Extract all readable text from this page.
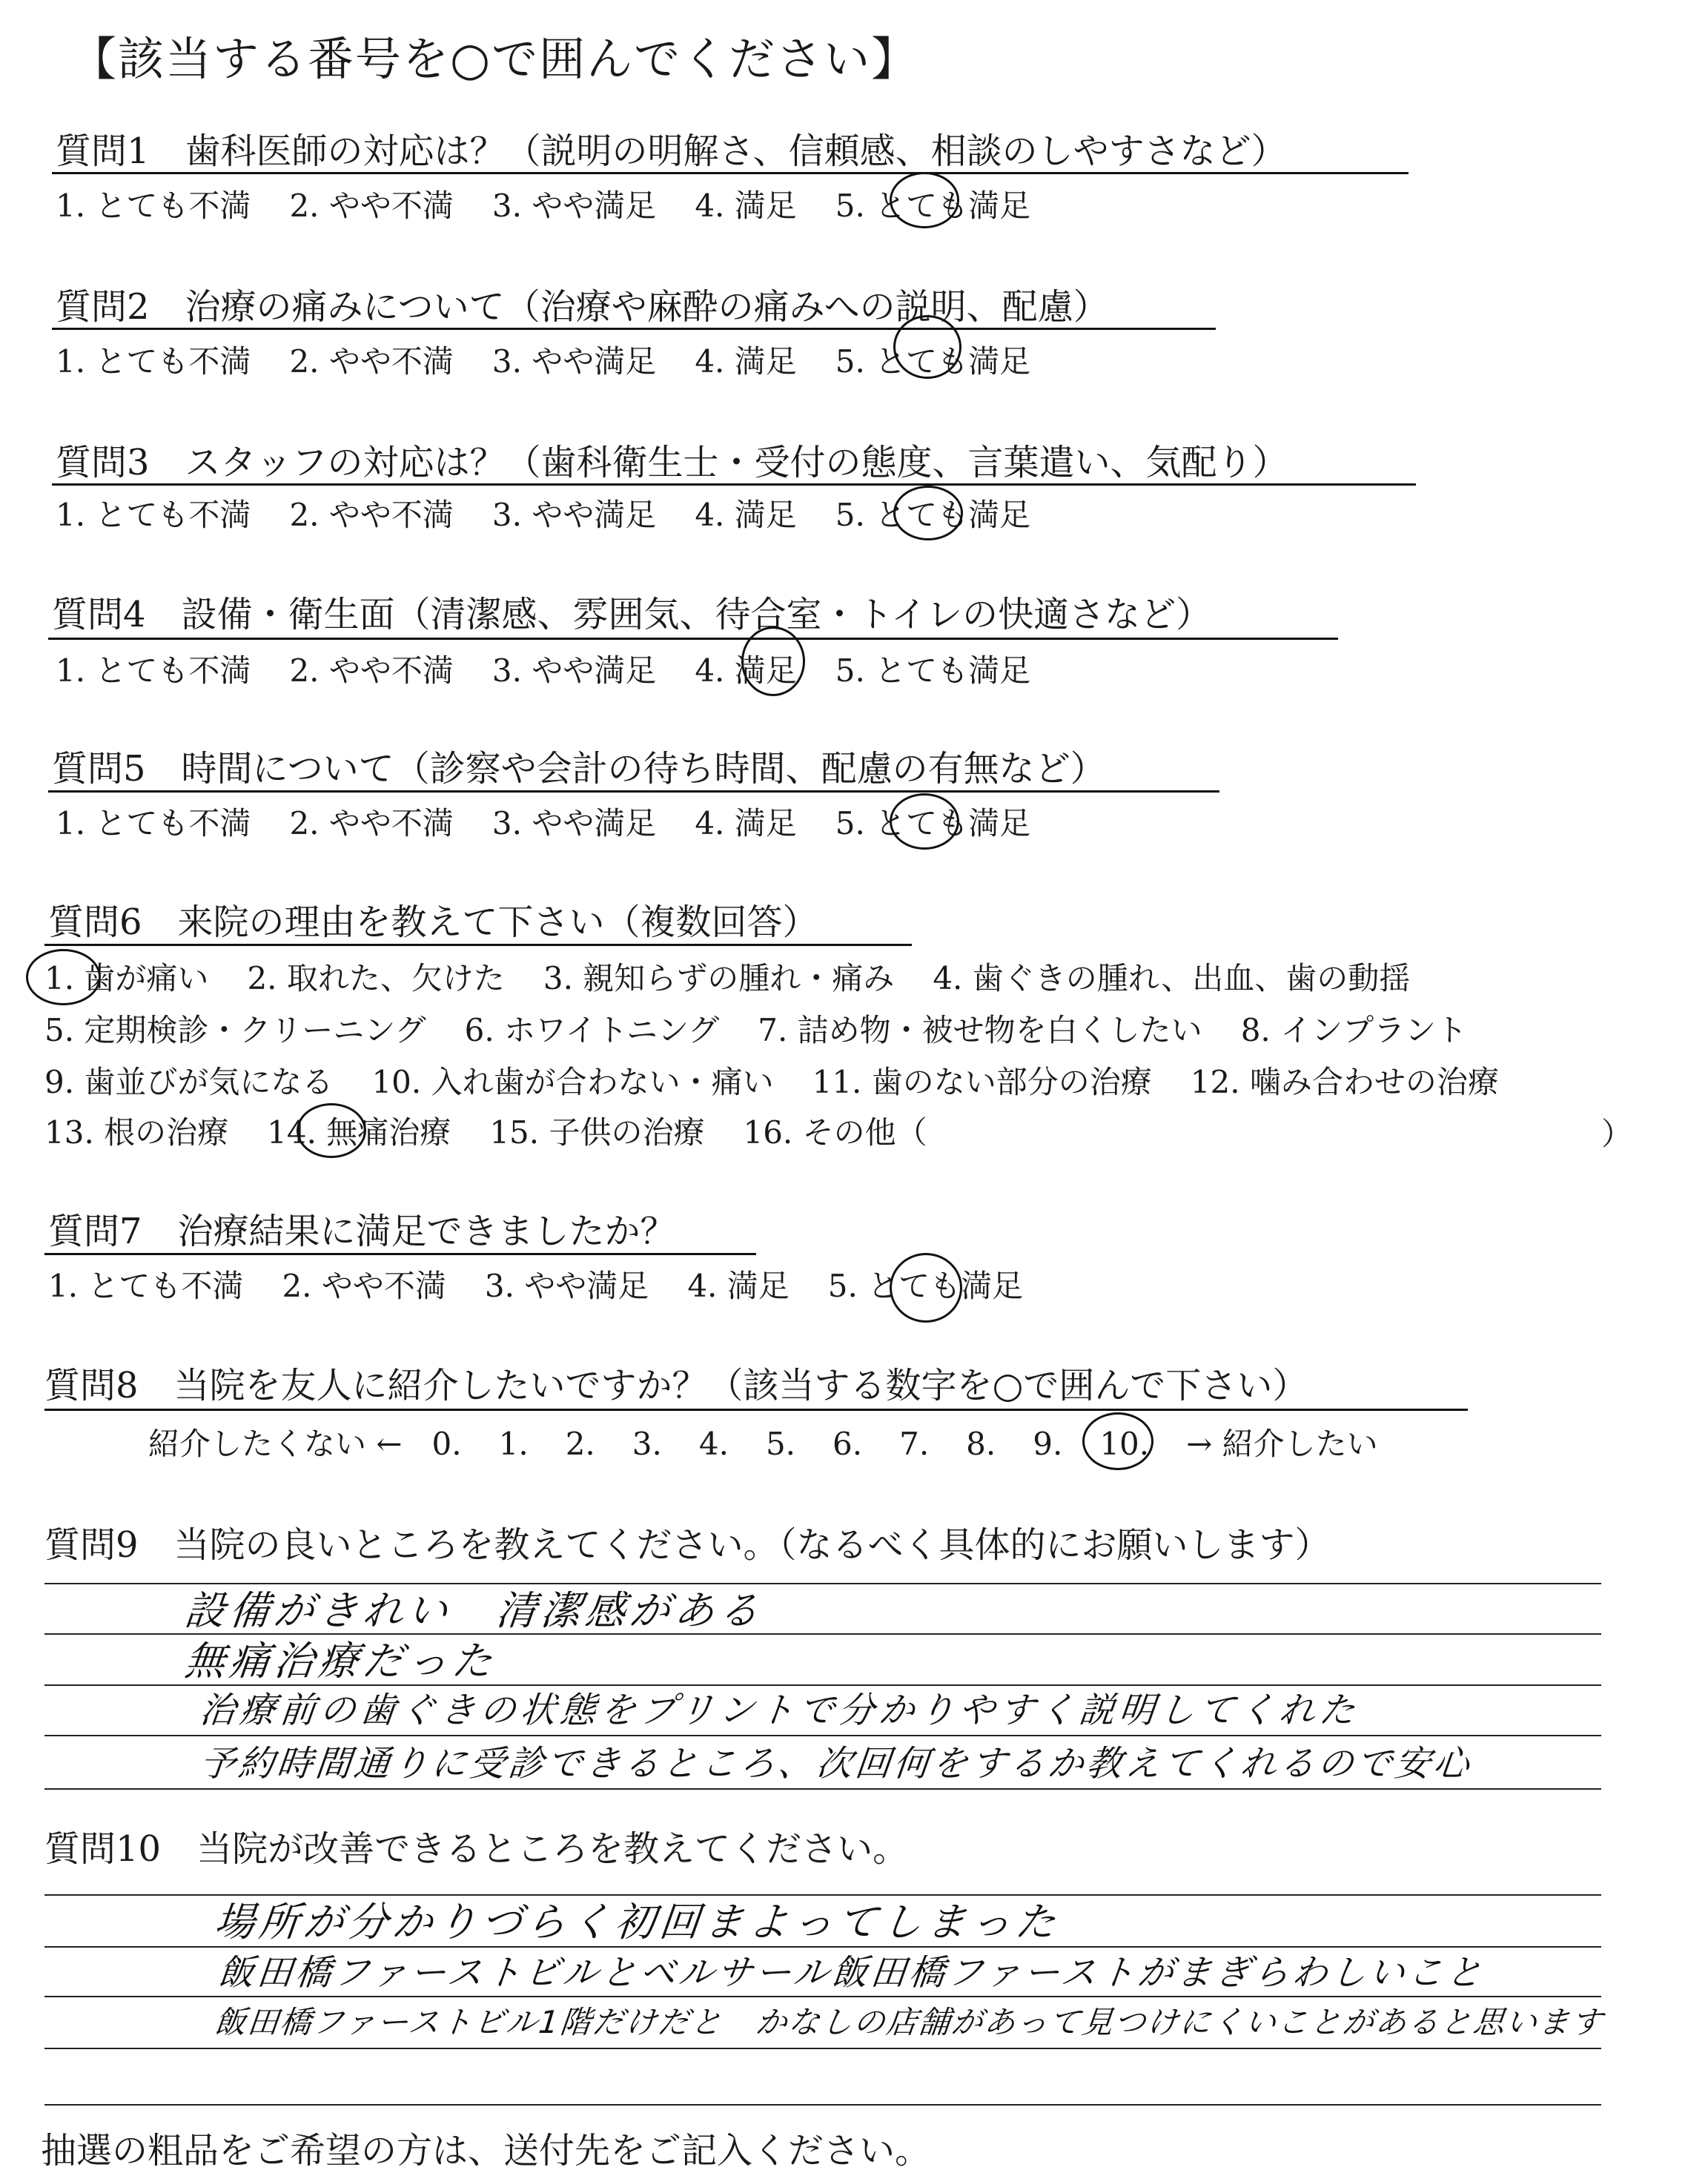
【該当する番号を○で囲んでください】
質問1　歯科医師の対応は？（説明の明解さ、信頼感、相談のしやすさなど）
1. とても不満 2. やや不満 3. やや満足 4. 満足 5. とても満足
質問2　治療の痛みについて（治療や麻酔の痛みへの説明、配慮）
1. とても不満 2. やや不満 3. やや満足 4. 満足 5. とても満足
質問3　スタッフの対応は？（歯科衛生士・受付の態度、言葉遣い、気配り）
1. とても不満 2. やや不満 3. やや満足 4. 満足 5. とても満足
質問4　設備・衛生面（清潔感、雰囲気、待合室・トイレの快適さなど）
1. とても不満 2. やや不満 3. やや満足 4. 満足 5. とても満足
質問5　時間について（診察や会計の待ち時間、配慮の有無など）
1. とても不満 2. やや不満 3. やや満足 4. 満足 5. とても満足
質問6　来院の理由を教えて下さい（複数回答）
1. 歯が痛い 2. 取れた、欠けた 3. 親知らずの腫れ・痛み 4. 歯ぐきの腫れ、出血、歯の動揺
5. 定期検診・クリーニング 6. ホワイトニング 7. 詰め物・被せ物を白くしたい 8. インプラント
9. 歯並びが気になる 10. 入れ歯が合わない・痛い 11. 歯のない部分の治療 12. 噛み合わせの治療
13. 根の治療 14. 無痛治療 15. 子供の治療 16. その他（	）
質問7　治療結果に満足できましたか？
1. とても不満 2. やや不満 3. やや満足 4. 満足 5. とても満足
質問8　当院を友人に紹介したいですか？（該当する数字を○で囲んで下さい）
紹介したくない ← 0. 1. 2. 3. 4. 5. 6. 7. 8. 9. 10. → 紹介したい
質問9　当院の良いところを教えてください。（なるべく具体的にお願いします）
設備がきれい　清潔感がある
無痛治療だった
治療前の歯ぐきの状態をプリントで分かりやすく説明してくれた
予約時間通りに受診できるところ、次回何をするか教えてくれるので安心
質問10　当院が改善できるところを教えてください。
場所が分かりづらく初回まよってしまった
飯田橋ファーストビルとベルサール飯田橋ファーストがまぎらわしいこと
飯田橋ファーストビル1階だけだと　かなしの店舗があって見つけにくいことがあると思います
抽選の粗品をご希望の方は、送付先をご記入ください。
